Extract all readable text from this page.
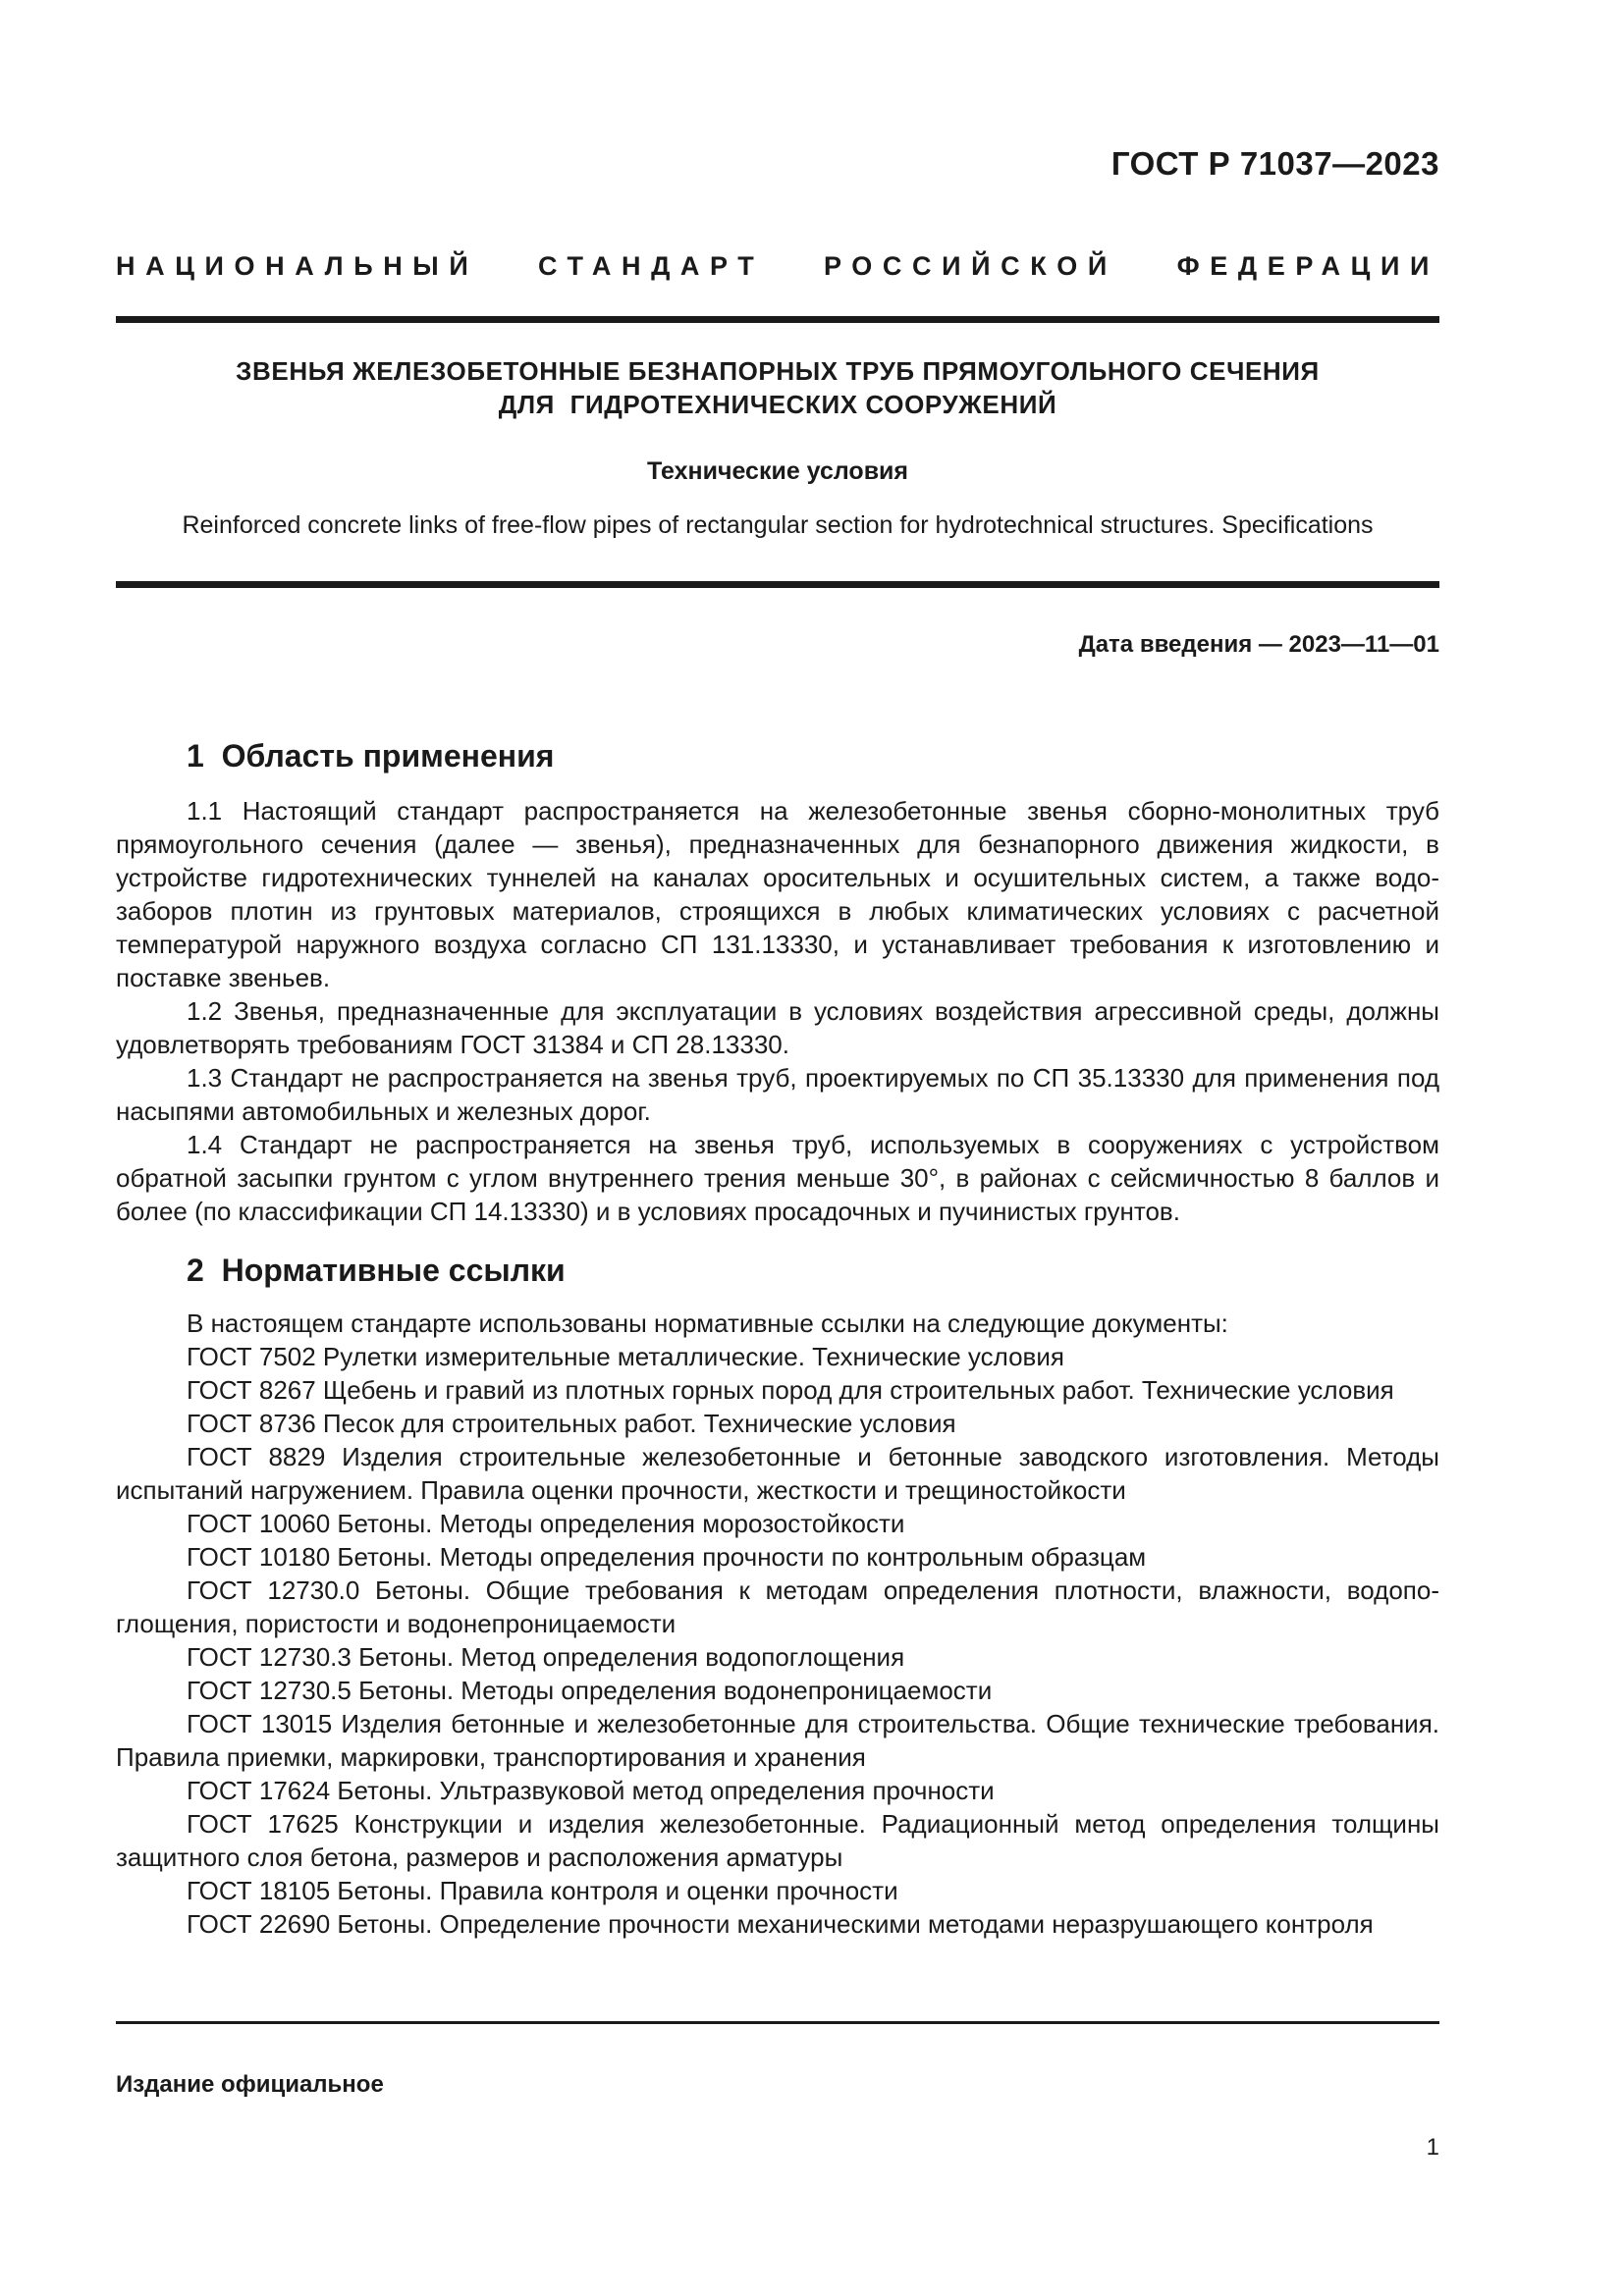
ГОСТ Р 71037—2023
НАЦИОНАЛЬНЫЙ СТАНДАРТ РОССИЙСКОЙ ФЕДЕРАЦИИ
ЗВЕНЬЯ ЖЕЛЕЗОБЕТОННЫЕ БЕЗНАПОРНЫХ ТРУБ ПРЯМОУГОЛЬНОГО СЕЧЕНИЯ
ДЛЯ  ГИДРОТЕХНИЧЕСКИХ СООРУЖЕНИЙ
Технические условия
Reinforced concrete links of free-flow pipes of rectangular section for hydrotechnical structures. Specifications
Дата введения — 2023—11—01
1  Область применения

1.1 Настоящий стандарт распространяется на железобетонные звенья сборно-монолитных труб прямоугольного сечения (далее — звенья), предназначенных для безнапорного движения жидкости, в устройстве гидротехнических туннелей на каналах оросительных и осушительных систем, а также водозаборов плотин из грунтовых материалов, строящихся в любых климатических условиях с расчетной температурой наружного воздуха согласно СП 131.13330, и устанавливает требования к изготовлению и поставке звеньев.

1.2 Звенья, предназначенные для эксплуатации в условиях воздействия агрессивной среды, должны удовлетворять требованиям ГОСТ 31384 и СП 28.13330.

1.3 Стандарт не распространяется на звенья труб, проектируемых по СП 35.13330 для применения под насыпями автомобильных и железных дорог.

1.4 Стандарт не распространяется на звенья труб, используемых в сооружениях с устройством обратной засыпки грунтом с углом внутреннего трения меньше 30°, в районах с сейсмичностью 8 баллов и более (по классификации СП 14.13330) и в условиях просадочных и пучинистых грунтов.

2  Нормативные ссылки

В настоящем стандарте использованы нормативные ссылки на следующие документы:

ГОСТ 7502 Рулетки измерительные металлические. Технические условия

ГОСТ 8267 Щебень и гравий из плотных горных пород для строительных работ. Технические условия

ГОСТ 8736 Песок для строительных работ. Технические условия

ГОСТ 8829 Изделия строительные железобетонные и бетонные заводского изготовления. Методы испытаний нагружением. Правила оценки прочности, жесткости и трещиностойкости

ГОСТ 10060 Бетоны. Методы определения морозостойкости

ГОСТ 10180 Бетоны. Методы определения прочности по контрольным образцам

ГОСТ 12730.0 Бетоны. Общие требования к методам определения плотности, влажности, водопоглощения, пористости и водонепроницаемости

ГОСТ 12730.3 Бетоны. Метод определения водопоглощения

ГОСТ 12730.5 Бетоны. Методы определения водонепроницаемости

ГОСТ 13015 Изделия бетонные и железобетонные для строительства. Общие технические требования. Правила приемки, маркировки, транспортирования и хранения

ГОСТ 17624 Бетоны. Ультразвуковой метод определения прочности

ГОСТ 17625 Конструкции и изделия железобетонные. Радиационный метод определения толщины защитного слоя бетона, размеров и расположения арматуры

ГОСТ 18105 Бетоны. Правила контроля и оценки прочности

ГОСТ 22690 Бетоны. Определение прочности механическими методами неразрушающего контроля

Издание официальное
1
